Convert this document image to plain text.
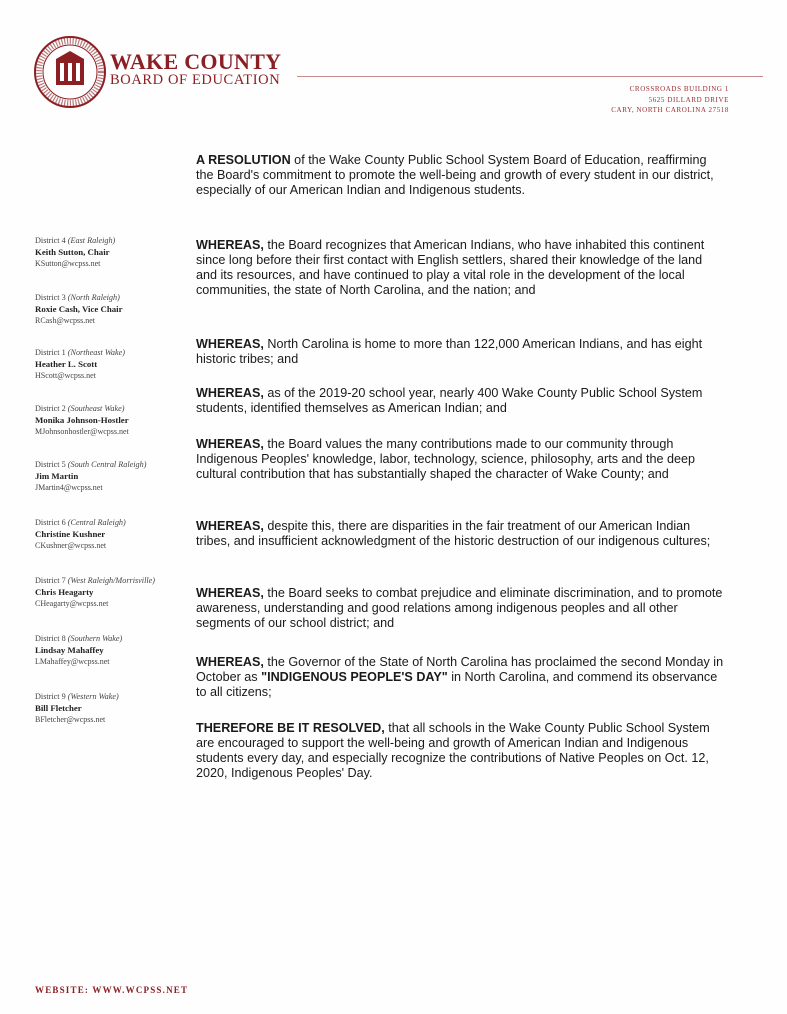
WAKE COUNTY
BOARD OF EDUCATION
CROSSROADS BUILDING 1
5625 DILLARD DRIVE
CARY, NORTH CAROLINA 27518
District 4 (East Raleigh)
Keith Sutton, Chair
KSutton@wcpss.net
District 3 (North Raleigh)
Roxie Cash, Vice Chair
RCash@wcpss.net
District 1 (Northeast Wake)
Heather L. Scott
HScott@wcpss.net
District 2 (Southeast Wake)
Monika Johnson-Hostler
MJohnsonhostler@wcpss.net
District 5 (South Central Raleigh)
Jim Martin
JMartin4@wcpss.net
District 6 (Central Raleigh)
Christine Kushner
CKushner@wcpss.net
District 7 (West Raleigh/Morrisville)
Chris Heagarty
CHeagarty@wcpss.net
District 8 (Southern Wake)
Lindsay Mahaffey
LMahaffey@wcpss.net
District 9 (Western Wake)
Bill Fletcher
BFletcher@wcpss.net
A RESOLUTION of the Wake County Public School System Board of Education, reaffirming the Board's commitment to promote the well-being and growth of every student in our district, especially of our American Indian and Indigenous students.
WHEREAS, the Board recognizes that American Indians, who have inhabited this continent since long before their first contact with English settlers, shared their knowledge of the land and its resources, and have continued to play a vital role in the development of the local communities, the state of North Carolina, and the nation; and
WHEREAS, North Carolina is home to more than 122,000 American Indians, and has eight historic tribes; and
WHEREAS, as of the 2019-20 school year, nearly 400 Wake County Public School System students, identified themselves as American Indian; and
WHEREAS, the Board values the many contributions made to our community through Indigenous Peoples' knowledge, labor, technology, science, philosophy, arts and the deep cultural contribution that has substantially shaped the character of Wake County; and
WHEREAS, despite this, there are disparities in the fair treatment of our American Indian tribes, and insufficient acknowledgment of the historic destruction of our indigenous cultures;
WHEREAS, the Board seeks to combat prejudice and eliminate discrimination, and to promote awareness, understanding and good relations among indigenous peoples and all other segments of our school district; and
WHEREAS, the Governor of the State of North Carolina has proclaimed the second Monday in October as "INDIGENOUS PEOPLE'S DAY" in North Carolina, and commend its observance to all citizens;
THEREFORE BE IT RESOLVED, that all schools in the Wake County Public School System are encouraged to support the well-being and growth of American Indian and Indigenous students every day, and especially recognize the contributions of Native Peoples on Oct. 12, 2020, Indigenous Peoples' Day.
WEBSITE: WWW.WCPSS.NET
